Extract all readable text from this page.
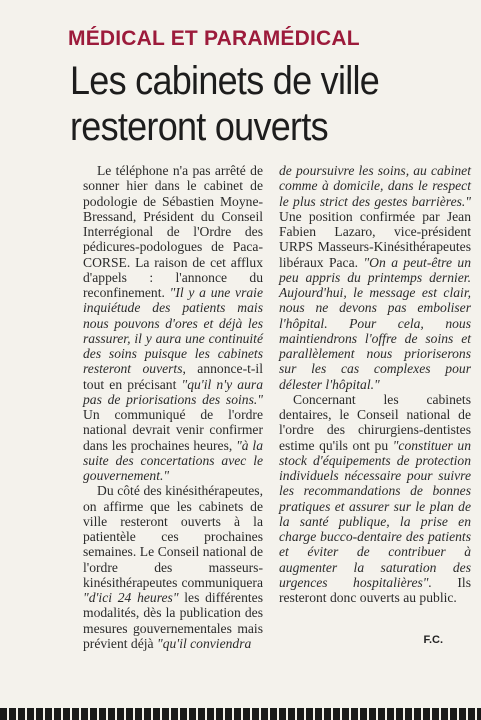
MÉDICAL ET PARAMÉDICAL
Les cabinets de ville
resteront ouverts

Le téléphone n'a pas arrêté de sonner hier dans le cabinet de podologie de Sébastien Moyne-Bressand, Président du Conseil Interrégional de l'Ordre des pédicures-podologues de Paca-CORSE. La raison de cet afflux d'appels : l'annonce du reconfinement. "Il y a une vraie inquiétude des patients mais nous pouvons d'ores et déjà les rassurer, il y aura une continuité des soins puisque les cabinets resteront ouverts, annonce-t-il tout en précisant "qu'il n'y aura pas de priorisations des soins." Un communiqué de l'ordre national devrait venir confirmer dans les prochaines heures, "à la suite des concertations avec le gouvernement."

Du côté des kinésithérapeutes, on affirme que les cabinets de ville resteront ouverts à la patientèle ces prochaines semaines. Le Conseil national de l'ordre des masseurs-kinésithérapeutes communiquera "d'ici 24 heures" les différentes modalités, dès la publication des mesures gouvernementales mais prévient déjà "qu'il conviendra

de poursuivre les soins, au cabinet comme à domicile, dans le respect le plus strict des gestes barrières." Une position confirmée par Jean Fabien Lazaro, vice-président URPS Masseurs-Kinésithérapeutes libéraux Paca. "On a peut-être un peu appris du printemps dernier. Aujourd'hui, le message est clair, nous ne devons pas emboliser l'hôpital. Pour cela, nous maintiendrons l'offre de soins et parallèlement nous prioriserons sur les cas complexes pour délester l'hôpital."

Concernant les cabinets dentaires, le Conseil national de l'ordre des chirurgiens-dentistes estime qu'ils ont pu "constituer un stock d'équipements de protection individuels nécessaire pour suivre les recommandations de bonnes pratiques et assurer sur le plan de la santé publique, la prise en charge bucco-dentaire des patients et éviter de contribuer à augmenter la saturation des urgences hospitalières". Ils resteront donc ouverts au public.

F.C.
